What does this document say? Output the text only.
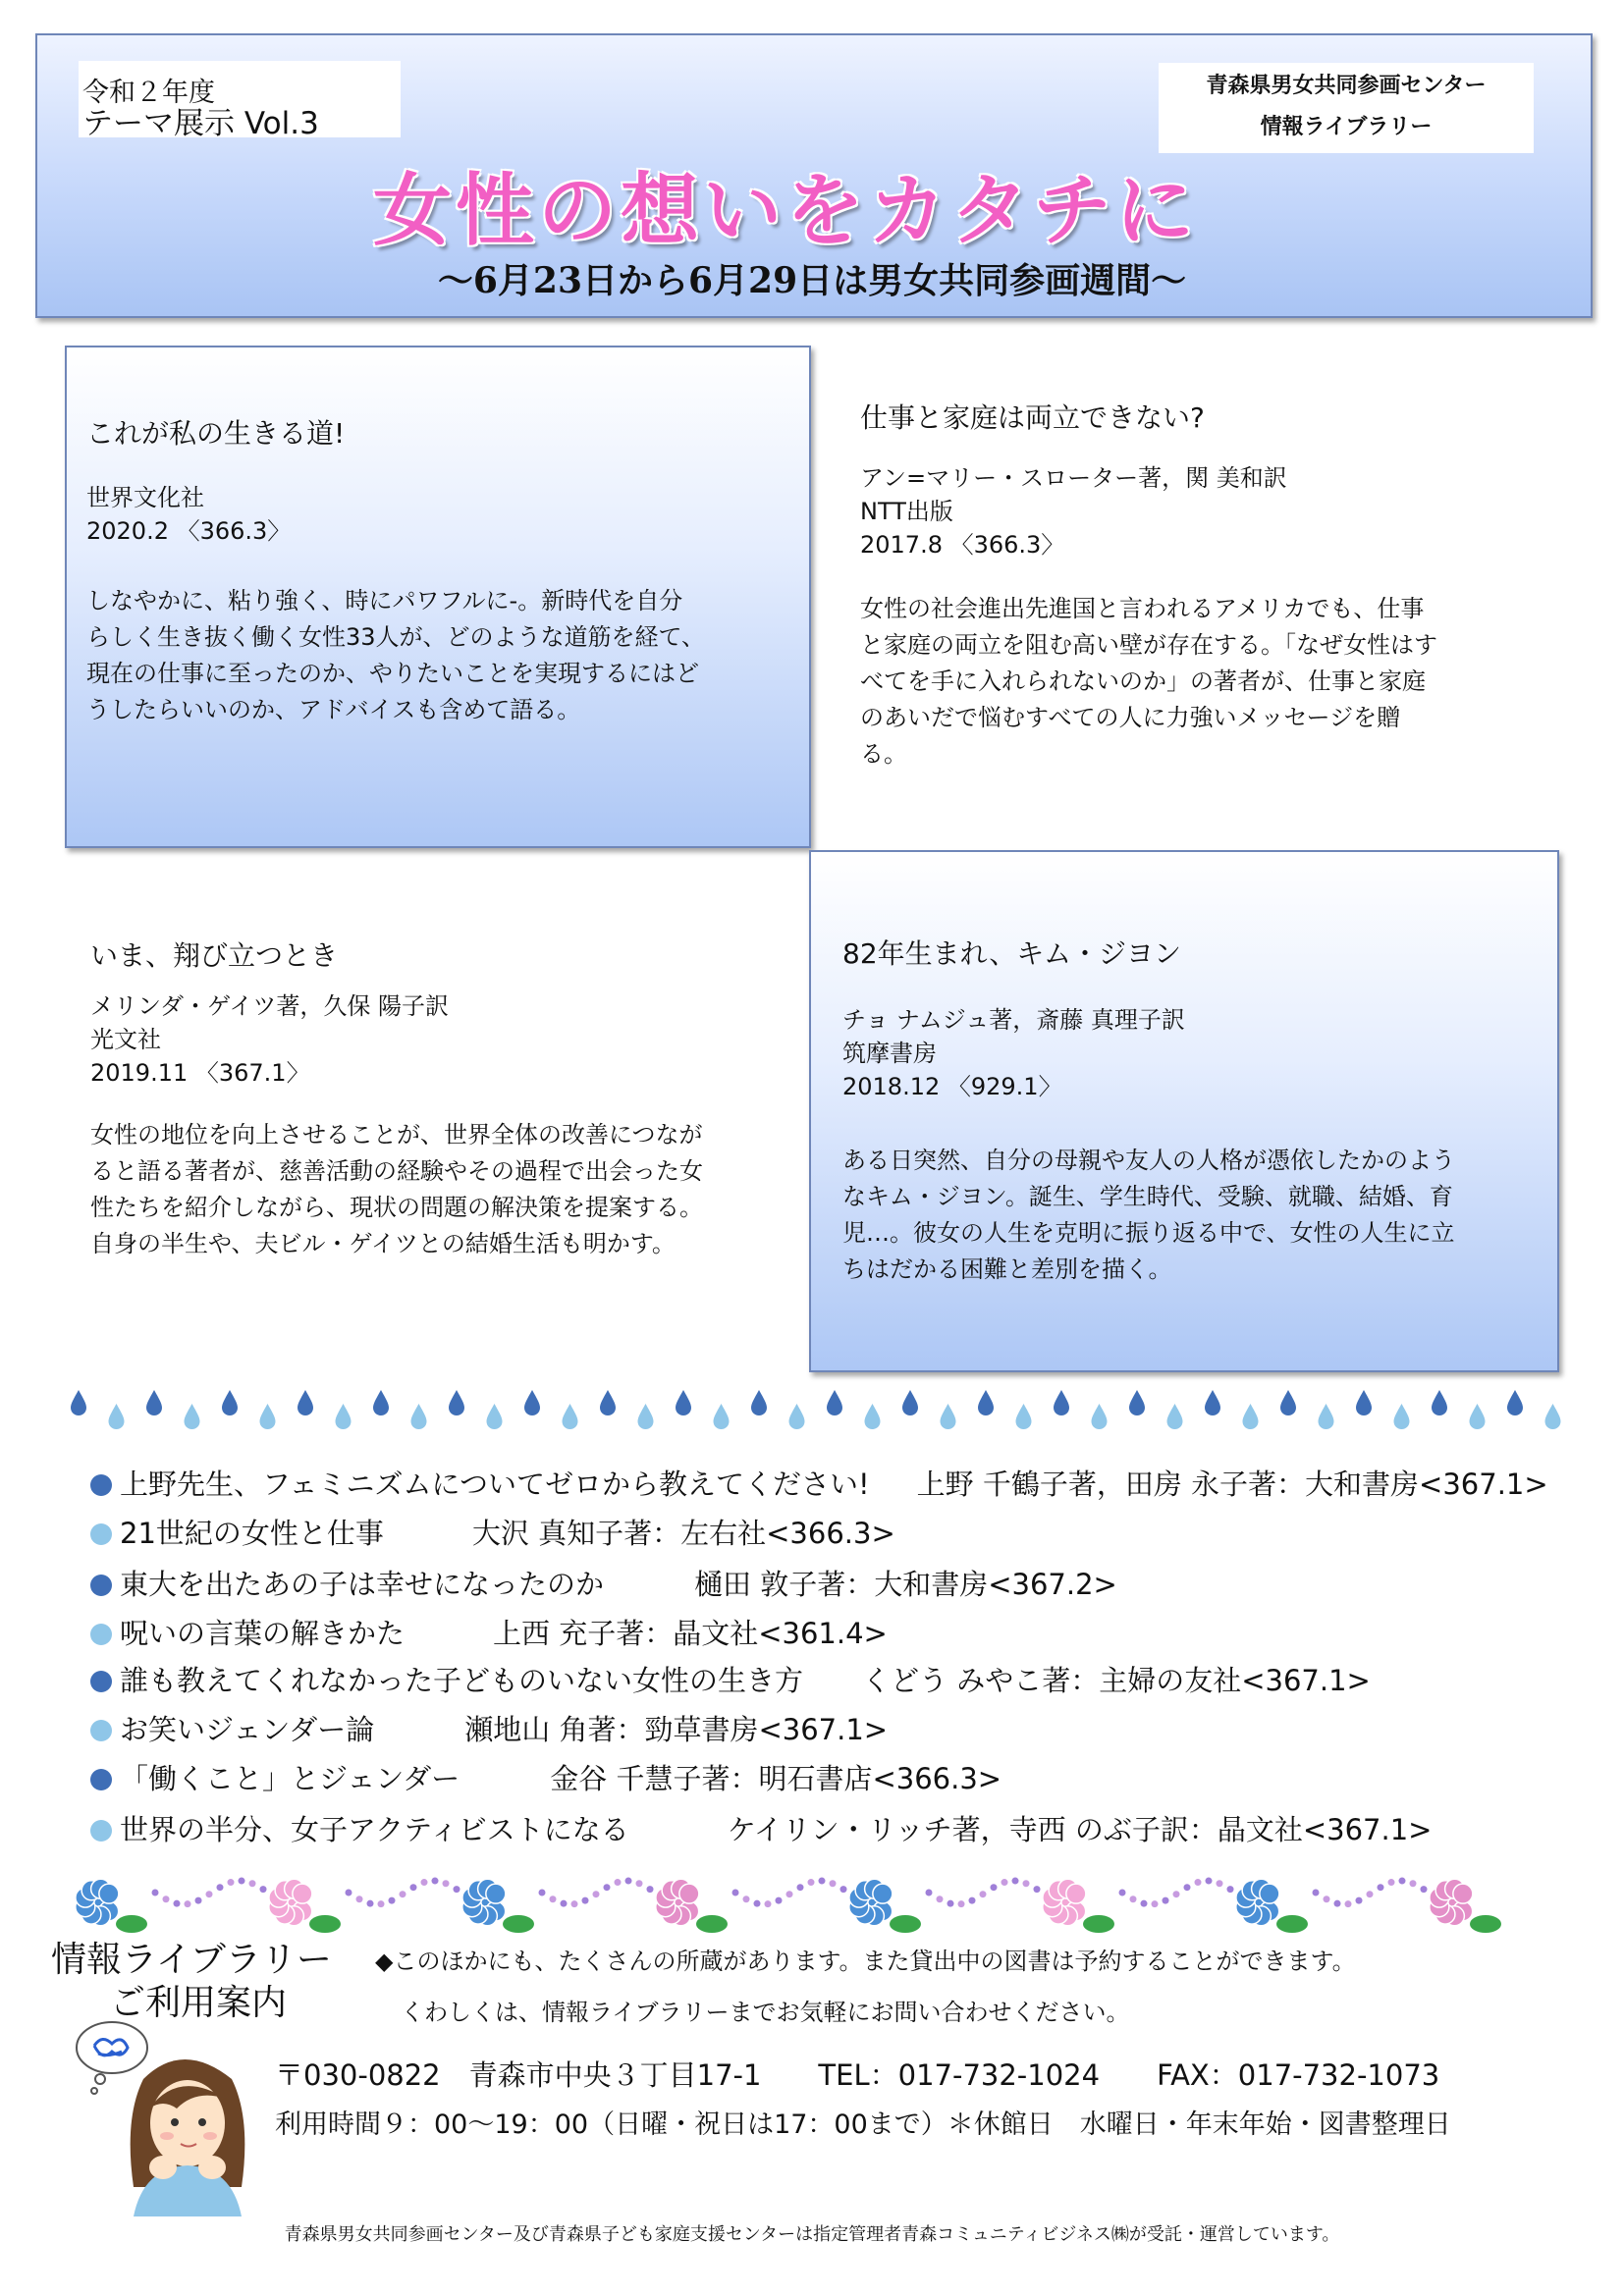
令和２年度
テーマ展示 Vol.3
青森県男女共同参画センター
情報ライブラリー
女性の想いをカタチに
～6月23日から6月29日は男女共同参画週間～
これが私の生きる道!
世界文化社
2020.2 〈366.3〉
しなやかに、粘り強く、時にパワフルに-。新時代を自分
らしく生き抜く働く女性33人が、どのような道筋を経て、
現在の仕事に至ったのか、やりたいことを実現するにはど
うしたらいいのか、アドバイスも含めて語る。
仕事と家庭は両立できない?
アン=マリー・スローター著，関 美和訳
NTT出版
2017.8 〈366.3〉
女性の社会進出先進国と言われるアメリカでも、仕事
と家庭の両立を阻む高い壁が存在する。「なぜ女性はす
べてを手に入れられないのか」の著者が、仕事と家庭
のあいだで悩むすべての人に力強いメッセージを贈
る。
いま、翔び立つとき
メリンダ・ゲイツ著，久保 陽子訳
光文社
2019.11 〈367.1〉
女性の地位を向上させることが、世界全体の改善につなが
ると語る著者が、慈善活動の経験やその過程で出会った女
性たちを紹介しながら、現状の問題の解決策を提案する。
自身の半生や、夫ビル・ゲイツとの結婚生活も明かす。
82年生まれ、キム・ジヨン
チョ ナムジュ著，斎藤 真理子訳
筑摩書房
2018.12 〈929.1〉
ある日突然、自分の母親や友人の人格が憑依したかのよう
なキム・ジヨン。誕生、学生時代、受験、就職、結婚、育
児…。彼女の人生を克明に振り返る中で、女性の人生に立
ちはだかる困難と差別を描く。
上野先生、フェミニズムについてゼロから教えてください! 上野 千鶴子著，田房 永子著：大和書房<367.1>
21世紀の女性と仕事	大沢 真知子著：左右社<366.3>
東大を出たあの子は幸せになったのか	樋田 敦子著：大和書房<367.2>
呪いの言葉の解きかた	上西 充子著：晶文社<361.4>
誰も教えてくれなかった子どものいない女性の生き方 くどう みやこ著：主婦の友社<367.1>
お笑いジェンダー論	瀬地山 角著：勁草書房<367.1>
「働くこと」とジェンダー	金谷 千慧子著：明石書店<366.3>
世界の半分、女子アクティビストになる	ケイリン・リッチ著，寺西 のぶ子訳：晶文社<367.1>
情報ライブラリー
ご利用案内
◆このほかにも、たくさんの所蔵があります。また貸出中の図書は予約することができます。
くわしくは、情報ライブラリーまでお気軽にお問い合わせください。
〒030-0822　青森市中央３丁目17-1　　TEL：017-732-1024　　FAX：017-732-1073
利用時間９：00～19：00（日曜・祝日は17：00まで）＊休館日　水曜日・年末年始・図書整理日
青森県男女共同参画センター及び青森県子ども家庭支援センターは指定管理者青森コミュニティビジネス㈱が受託・運営しています。
